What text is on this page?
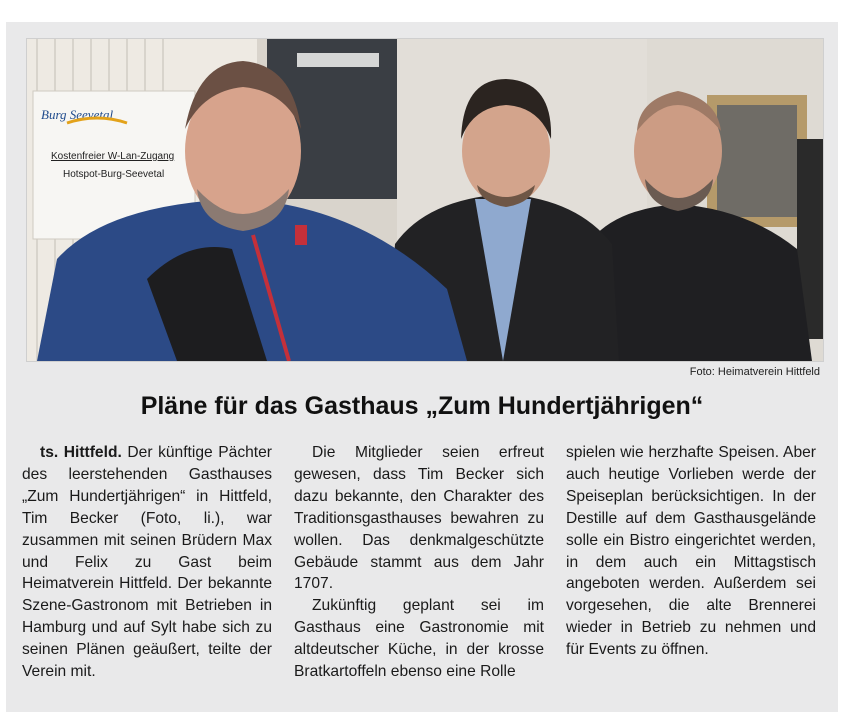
Burg Seevetal
Kostenfreier W-Lan-Zugang
Hotspot-Burg-Seevetal
Foto: Heimatverein Hittfeld
Pläne für das Gasthaus „Zum Hundertjährigen“

ts. Hittfeld. Der künftige Pächter des leerstehenden Gasthauses „Zum Hundertjährigen“ in Hittfeld, Tim Becker (Foto, li.), war zusammen mit seinen Brüdern Max und Felix zu Gast beim Heimatverein Hittfeld. Der bekannte Szene-Gastronom mit Betrieben in Hamburg und auf Sylt habe sich zu seinen Plänen geäußert, teilte der Verein mit.

Die Mitglieder seien erfreut gewesen, dass Tim Becker sich dazu bekannte, den Charakter des Traditionsgasthauses bewahren zu wollen. Das denkmalgeschützte Gebäude stammt aus dem Jahr 1707.

Zukünftig geplant sei im Gasthaus eine Gastronomie mit altdeutscher Küche, in der krosse Bratkartoffeln ebenso eine Rolle

spielen wie herzhafte Speisen. Aber auch heutige Vorlieben werde der Speiseplan berücksichtigen. In der Destille auf dem Gasthausgelände solle ein Bistro eingerichtet werden, in dem auch ein Mittagstisch angeboten werden. Außerdem sei vorgesehen, die alte Brennerei wieder in Betrieb zu nehmen und für Events zu öffnen.
